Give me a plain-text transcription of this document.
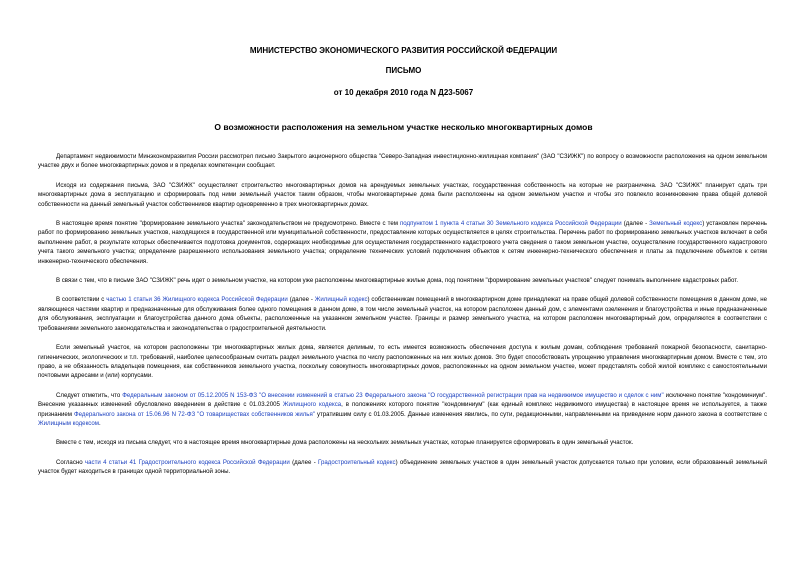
МИНИСТЕРСТВО ЭКОНОМИЧЕСКОГО РАЗВИТИЯ РОССИЙСКОЙ ФЕДЕРАЦИИ
ПИСЬМО
от 10 декабря 2010 года N Д23-5067
О возможности расположения на земельном участке несколько многоквартирных домов

Департамент недвижимости Минэкономразвития России рассмотрел письмо Закрытого акционерного общества "Северо-Западная инвестиционно-жилищная компания" (ЗАО "СЗИЖК") по вопросу о возможности расположения на одном земельном участке двух и более многоквартирных домов и в пределах компетенции сообщает.

Исходя из содержания письма, ЗАО "СЗИЖК" осуществляет строительство многоквартирных домов на арендуемых земельных участках, государственная собственность на которые не разграничена. ЗАО "СЗИЖК" планирует сдать три многоквартирных дома в эксплуатацию и сформировать под ними земельный участок таким образом, чтобы многоквартирные дома были расположены на одном земельном участке и чтобы это повлекло возникновение права общей долевой собственности на данный земельный участок собственников квартир одновременно в трех многоквартирных домах.

В настоящее время понятие "формирование земельного участка" законодательством не предусмотрено. Вместе с тем подпунктом 1 пункта 4 статьи 30 Земельного кодекса Российской Федерации (далее - Земельный кодекс) установлен перечень работ по формированию земельных участков, находящихся в государственной или муниципальной собственности, предоставление которых осуществляется в целях строительства. Перечень работ по формированию земельных участков включает в себя выполнение работ, в результате которых обеспечивается подготовка документов, содержащих необходимые для осуществления государственного кадастрового учета сведения о таком земельном участке, осуществление государственного кадастрового учета такого земельного участка; определение разрешенного использования земельного участка; определение технических условий подключения объектов к сетям инженерно-технического обеспечения и платы за подключение объектов к сетям инженерно-технического обеспечения.

В связи с тем, что в письме ЗАО "СЗИЖК" речь идет о земельном участке, на котором уже расположены многоквартирные жилые дома, под понятием "формирование земельных участков" следует понимать выполнение кадастровых работ.

В соответствии с частью 1 статьи 36 Жилищного кодекса Российской Федерации (далее - Жилищный кодекс) собственникам помещений в многоквартирном доме принадлежат на праве общей долевой собственности помещения в данном доме, не являющиеся частями квартир и предназначенные для обслуживания более одного помещения в данном доме, в том числе земельный участок, на котором расположен данный дом, с элементами озеленения и благоустройства и иные предназначенные для обслуживания, эксплуатации и благоустройства данного дома объекты, расположенные на указанном земельном участке. Границы и размер земельного участка, на котором расположен многоквартирный дом, определяются в соответствии с требованиями земельного законодательства и законодательства о градостроительной деятельности.

Если земельный участок, на котором расположены три многоквартирных жилых дома, является делимым, то есть имеется возможность обеспечения доступа к жилым домам, соблюдения требований пожарной безопасности, санитарно-гигиенических, экологических и т.п. требований, наиболее целесообразным считать раздел земельного участка по числу расположенных на них жилых домов. Это будет способствовать упрощению управления многоквартирным домом. Вместе с тем, это право, а не обязанность владельцев помещения, как собственников земельного участка, поскольку совокупность многоквартирных домов, расположенных на одном земельном участке, может представлять собой жилой комплекс с самостоятельными почтовыми адресами и (или) корпусами.

Следует отметить, что Федеральным законом от 05.12.2005 N 153-ФЗ "О внесении изменений в статью 23 Федерального закона "О государственной регистрации прав на недвижимое имущество и сделок с ним" исключено понятие "кондоминиум". Внесение указанных изменений обусловлено введением в действие с 01.03.2005 Жилищного кодекса, в положениях которого понятие "кондоминиум" (как единый комплекс недвижимого имущества) в настоящее время не используется, а также признанием Федерального закона от 15.06.96 N 72-ФЗ "О товариществах собственников жилья" утратившим силу с 01.03.2005. Данные изменения явились, по сути, редакционными, направленными на приведение норм данного закона в соответствие с Жилищным кодексом.

Вместе с тем, исходя из письма следует, что в настоящее время многоквартирные дома расположены на нескольких земельных участках, которые планируется сформировать в один земельный участок.

Согласно части 4 статьи 41 Градостроительного кодекса Российской Федерации (далее - Градостроительный кодекс) объединение земельных участков в один земельный участок допускается только при условии, если образованный земельный участок будет находиться в границах одной территориальной зоны.
